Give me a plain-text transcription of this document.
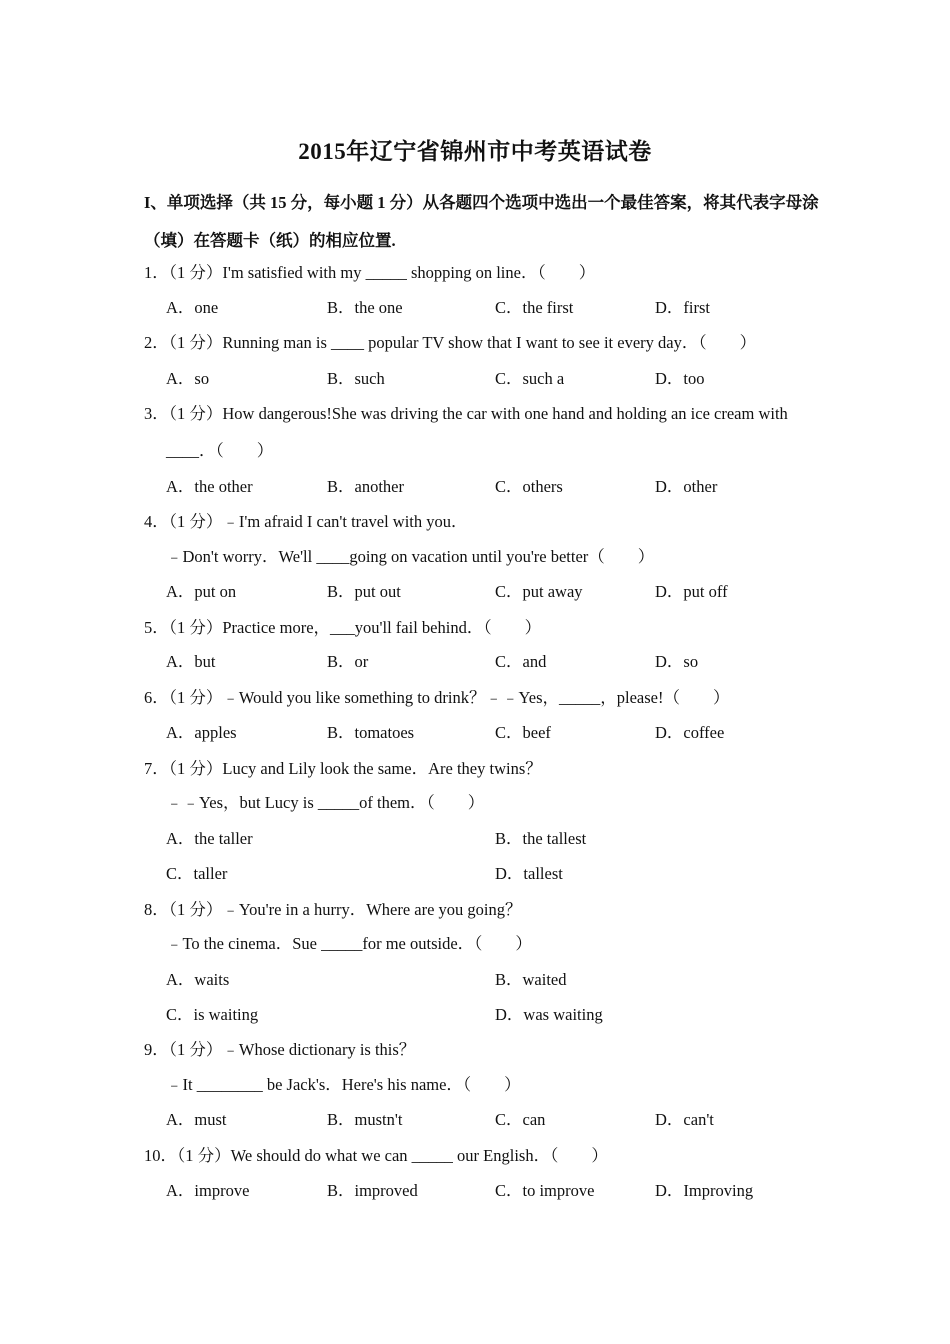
2015年辽宁省锦州市中考英语试卷
I、单项选择（共 15 分，每小题 1 分）从各题四个选项中选出一个最佳答案，将其代表字母涂（填）在答题卡（纸）的相应位置.
1．（1 分）I'm satisfied with my _____ shopping on line．（　　）
A．one	B．the one	C．the first	D．first
2．（1 分）Running man is ____ popular TV show that I want to see it every day．（　　）
A．so	B．such	C．such a	D．too
3．（1 分）How dangerous!She was driving the car with one hand and holding an ice cream with
____．（　　）
A．the other	B．another	C．others	D．other
4．（1 分）﹣I'm afraid I can't travel with you．
﹣Don't worry．We'll ____going on vacation until you're better（　　）
A．put on	B．put out	C．put away	D．put off
5．（1 分）Practice more，___you'll fail behind．（　　）
A．but	B．or	C．and	D．so
6．（1 分）﹣Would you like something to drink？﹣﹣Yes，_____，please!（　　）
A．apples	B．tomatoes	C．beef	D．coffee
7．（1 分）Lucy and Lily look the same．Are they twins？
﹣﹣Yes，but Lucy is _____of them．（　　）
A．the taller	B．the tallest
C．taller	D．tallest
8．（1 分）﹣You're in a hurry．Where are you going？
﹣To the cinema．Sue _____for me outside．（　　）
A．waits	B．waited
C．is waiting	D．was waiting
9．（1 分）﹣Whose dictionary is this？
﹣It ________ be Jack's．Here's his name．（　　）
A．must	B．mustn't	C．can	D．can't
10．（1 分）We should do what we can _____ our English．（　　）
A．improve	B．improved	C．to improve	D．Improving
